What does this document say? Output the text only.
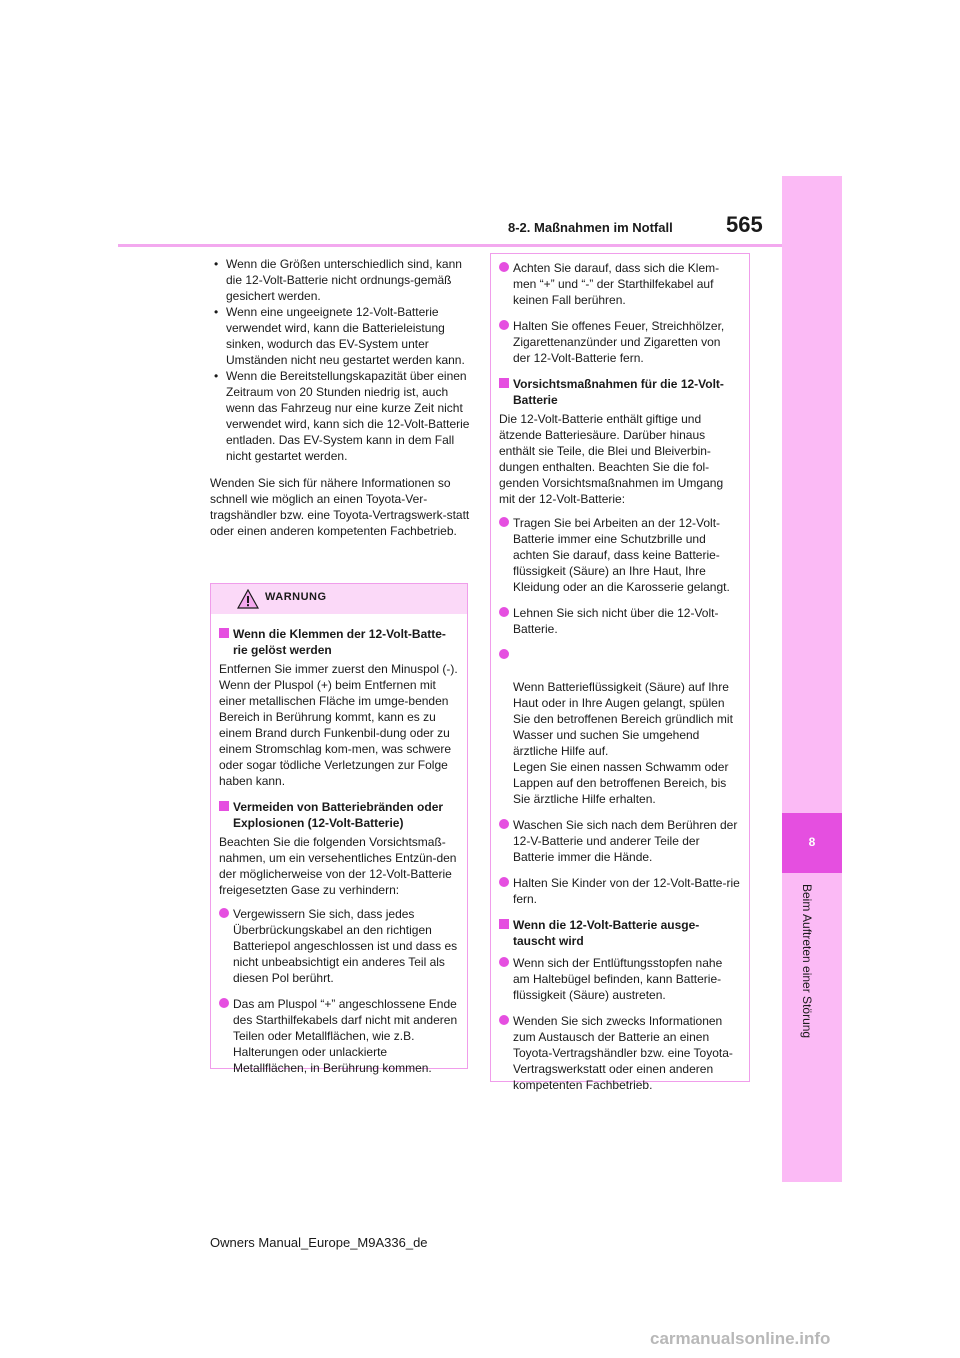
8-2. Maßnahmen im Notfall 565
8
Beim Auftreten einer Störung
• Wenn die Größen unterschiedlich sind, kann die 12-Volt-Batterie nicht ordnungs-gemäß gesichert werden.
• Wenn eine ungeeignete 12-Volt-Batterie verwendet wird, kann die Batterieleistung sinken, wodurch das EV-System unter Umständen nicht neu gestartet werden kann.
• Wenn die Bereitstellungskapazität über einen Zeitraum von 20 Stunden niedrig ist, auch wenn das Fahrzeug nur eine kurze Zeit nicht verwendet wird, kann sich die 12-Volt-Batterie entladen. Das EV-System kann in dem Fall nicht gestartet werden.

Wenden Sie sich für nähere Informationen so schnell wie möglich an einen Toyota-Ver-tragshändler bzw. eine Toyota-Vertragswerk-statt oder einen anderen kompetenten Fachbetrieb.

WARNUNG
Wenn die Klemmen der 12-Volt-Batte-rie gelöst werden
Entfernen Sie immer zuerst den Minuspol (-). Wenn der Pluspol (+) beim Entfernen mit einer metallischen Fläche im umge-benden Bereich in Berührung kommt, kann es zu einem Brand durch Funkenbil-dung oder zu einem Stromschlag kom-men, was schwere oder sogar tödliche Verletzungen zur Folge haben kann.
Vermeiden von Batteriebränden oder Explosionen (12-Volt-Batterie)
Beachten Sie die folgenden Vorsichtsmaß-nahmen, um ein versehentliches Entzün-den der möglicherweise von der 12-Volt-Batterie freigesetzten Gase zu verhindern:
Vergewissern Sie sich, dass jedes Überbrückungskabel an den richtigen Batteriepol angeschlossen ist und dass es nicht unbeabsichtigt ein anderes Teil als diesen Pol berührt.
Das am Pluspol “+” angeschlossene Ende des Starthilfekabels darf nicht mit anderen Teilen oder Metallflächen, wie z.B. Halterungen oder unlackierte Metallflächen, in Berührung kommen.
Achten Sie darauf, dass sich die Klem-men “+” und “-” der Starthilfekabel auf keinen Fall berühren.
Halten Sie offenes Feuer, Streichhölzer, Zigarettenanzünder und Zigaretten von der 12-Volt-Batterie fern.
Vorsichtsmaßnahmen für die 12-Volt-Batterie
Die 12-Volt-Batterie enthält giftige und ätzende Batteriesäure. Darüber hinaus enthält sie Teile, die Blei und Bleiverbin-dungen enthalten. Beachten Sie die fol-genden Vorsichtsmaßnahmen im Umgang mit der 12-Volt-Batterie:
Tragen Sie bei Arbeiten an der 12-Volt-Batterie immer eine Schutzbrille und achten Sie darauf, dass keine Batterie-flüssigkeit (Säure) an Ihre Haut, Ihre Kleidung oder an die Karosserie gelangt.
Lehnen Sie sich nicht über die 12-Volt-Batterie.

Wenn Batterieflüssigkeit (Säure) auf Ihre Haut oder in Ihre Augen gelangt, spülen Sie den betroffenen Bereich gründlich mit Wasser und suchen Sie umgehend ärztliche Hilfe auf.
Legen Sie einen nassen Schwamm oder Lappen auf den betroffenen Bereich, bis Sie ärztliche Hilfe erhalten.

Waschen Sie sich nach dem Berühren der 12-V-Batterie und anderer Teile der Batterie immer die Hände.
Halten Sie Kinder von der 12-Volt-Batte-rie fern.
Wenn die 12-Volt-Batterie ausge-tauscht wird
Wenn sich der Entlüftungsstopfen nahe am Haltebügel befinden, kann Batterie-flüssigkeit (Säure) austreten.
Wenden Sie sich zwecks Informationen zum Austausch der Batterie an einen Toyota-Vertragshändler bzw. eine Toyota-Vertragswerkstatt oder einen anderen kompetenten Fachbetrieb.
Owners Manual_Europe_M9A336_de
carmanualsonline.info
